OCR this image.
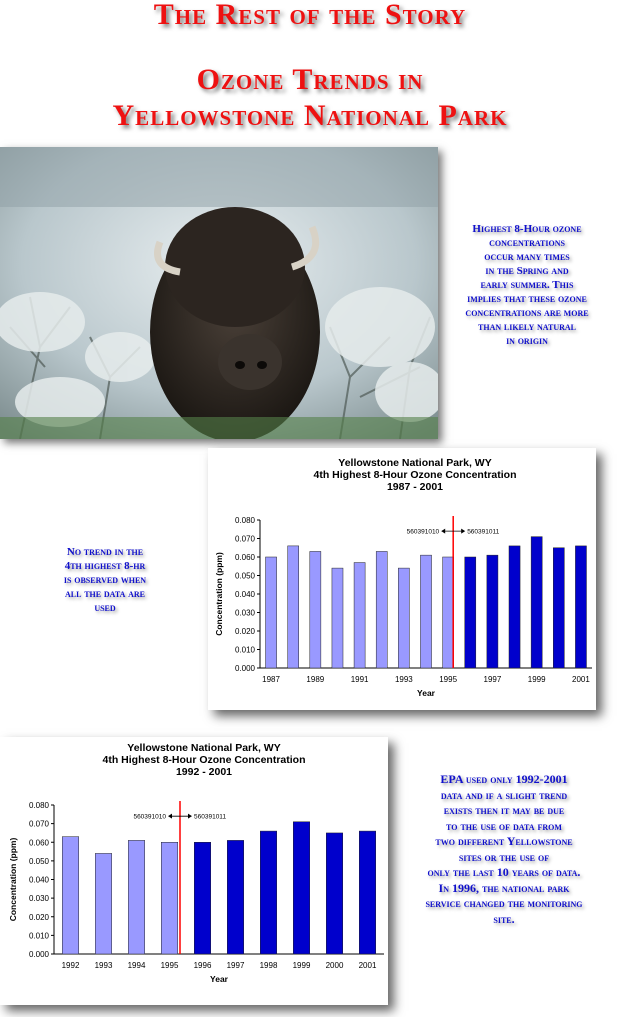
The Rest of the Story
Ozone Trends in
Yellowstone National Park
Highest 8-Hour ozone
concentrations
occur many times
in the Spring and
early summer. This
implies that these ozone
concentrations are more
than likely natural
in origin
No trend in the
4th highest 8-hr
is observed when
all the data are
used
EPA used only 1992-2001
data and if a slight trend
exists then it may be due
to the use of data from
two different Yellowstone
sites or the use of
only the last 10 years of data.
In 1996, the national park
service changed the monitoring
site.
Yellowstone National Park, WY
4th Highest 8-Hour Ozone Concentration
1987 - 2001
0.000
0.010
0.020
0.030
0.040
0.050
0.060
0.070
0.080
1987	1989	1991	1993	1995	1997	1999	2001
Year
Concentration (ppm)
560391010	560391011
Yellowstone National Park, WY
4th Highest 8-Hour Ozone Concentration
1992 - 2001
0.000
0.010
0.020
0.030
0.040
0.050
0.060
0.070
0.080
1992 1993 1994 1995 1996 1997 1998 1999 2000 2001
Year
Concentration (ppm)
560391010	560391011
